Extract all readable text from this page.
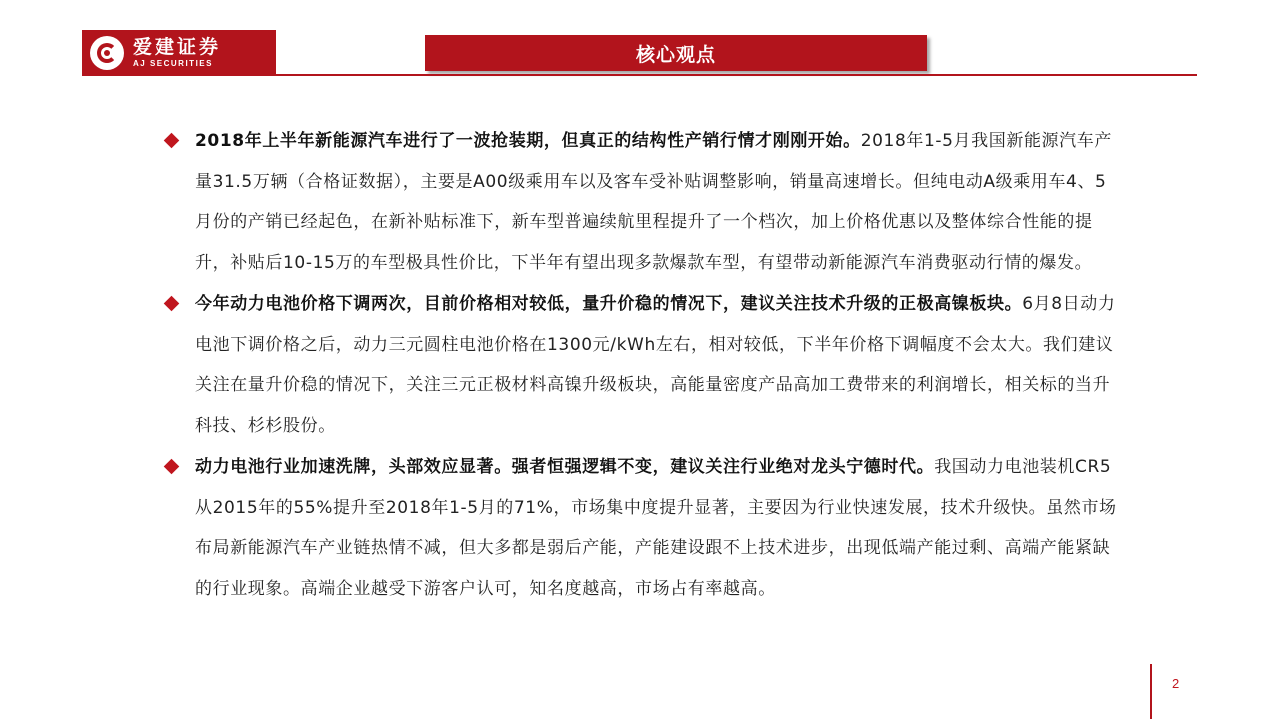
爱建证券
AJ SECURITIES	核心观点

2018年上半年新能源汽车进行了一波抢装期，但真正的结构性产销行情才刚刚开始。2018年1-5月我国新能源汽车产量31.5万辆（合格证数据），主要是A00级乘用车以及客车受补贴调整影响，销量高速增长。但纯电动A级乘用车4、5月份的产销已经起色，在新补贴标准下，新车型普遍续航里程提升了一个档次，加上价格优惠以及整体综合性能的提升，补贴后10-15万的车型极具性价比，下半年有望出现多款爆款车型，有望带动新能源汽车消费驱动行情的爆发。

今年动力电池价格下调两次，目前价格相对较低，量升价稳的情况下，建议关注技术升级的正极高镍板块。6月8日动力电池下调价格之后，动力三元圆柱电池价格在1300元/kWh左右，相对较低，下半年价格下调幅度不会太大。我们建议关注在量升价稳的情况下，关注三元正极材料高镍升级板块，高能量密度产品高加工费带来的利润增长，相关标的当升科技、杉杉股份。

动力电池行业加速洗牌，头部效应显著。强者恒强逻辑不变，建议关注行业绝对龙头宁德时代。我国动力电池装机CR5从2015年的55%提升至2018年1-5月的71%，市场集中度提升显著，主要因为行业快速发展，技术升级快。虽然市场布局新能源汽车产业链热情不减，但大多都是弱后产能，产能建设跟不上技术进步，出现低端产能过剩、高端产能紧缺的行业现象。高端企业越受下游客户认可，知名度越高，市场占有率越高。

2
